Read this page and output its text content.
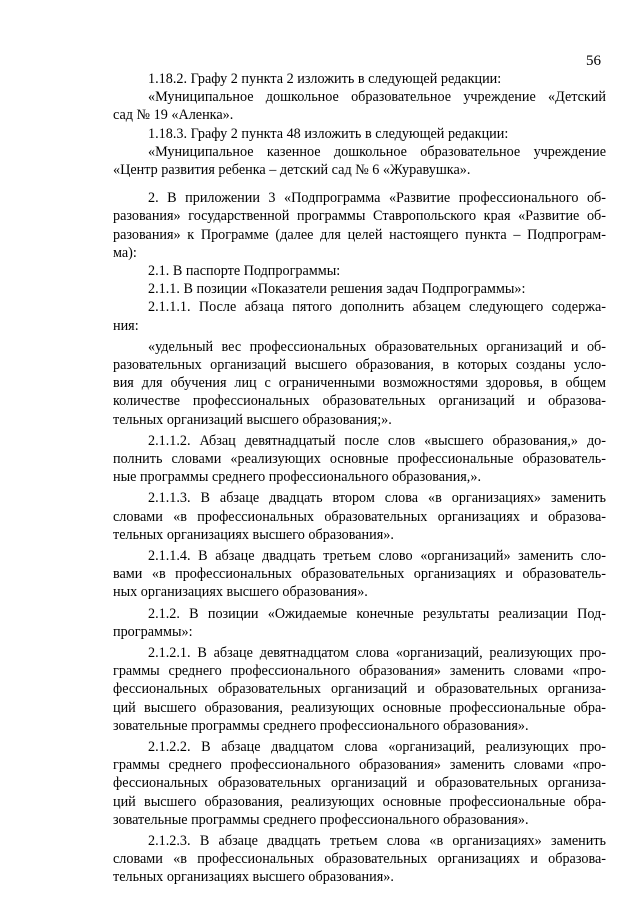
56
1.18.2. Графу 2 пункта 2 изложить в следующей редакции:
«Муниципальное дошкольное образовательное учреждение «Детский
сад № 19 «Аленка».
1.18.3. Графу 2 пункта 48 изложить в следующей редакции:
«Муниципальное казенное дошкольное образовательное учреждение
«Центр развития ребенка – детский сад № 6 «Журавушка».
2. В приложении 3 «Подпрограмма «Развитие профессионального об-
разования» государственной программы Ставропольского края «Развитие об-
разования» к Программе (далее для целей настоящего пункта – Подпрограм-
ма):
2.1. В паспорте Подпрограммы:
2.1.1. В позиции «Показатели решения задач Подпрограммы»:
2.1.1.1. После абзаца пятого дополнить абзацем следующего содержа-
ния:
«удельный вес профессиональных образовательных организаций и об-
разовательных организаций высшего образования, в которых созданы усло-
вия для обучения лиц с ограниченными возможностями здоровья, в общем
количестве профессиональных образовательных организаций и образова-
тельных организаций высшего образования;».
2.1.1.2. Абзац девятнадцатый после слов «высшего образования,» до-
полнить словами «реализующих основные профессиональные образователь-
ные программы среднего профессионального образования,».
2.1.1.3. В абзаце двадцать втором слова «в организациях» заменить
словами «в профессиональных образовательных организациях и образова-
тельных организациях высшего образования».
2.1.1.4. В абзаце двадцать третьем слово «организаций» заменить сло-
вами «в профессиональных образовательных организациях и образователь-
ных организациях высшего образования».
2.1.2. В позиции «Ожидаемые конечные результаты реализации Под-
программы»:
2.1.2.1. В абзаце девятнадцатом слова «организаций, реализующих про-
граммы среднего профессионального образования» заменить словами «про-
фессиональных образовательных организаций и образовательных организа-
ций высшего образования, реализующих основные профессиональные обра-
зовательные программы среднего профессионального образования».
2.1.2.2. В абзаце двадцатом слова «организаций, реализующих про-
граммы среднего профессионального образования» заменить словами «про-
фессиональных образовательных организаций и образовательных организа-
ций высшего образования, реализующих основные профессиональные обра-
зовательные программы среднего профессионального образования».
2.1.2.3. В абзаце двадцать третьем слова «в организациях» заменить
словами «в профессиональных образовательных организациях и образова-
тельных организациях высшего образования».
